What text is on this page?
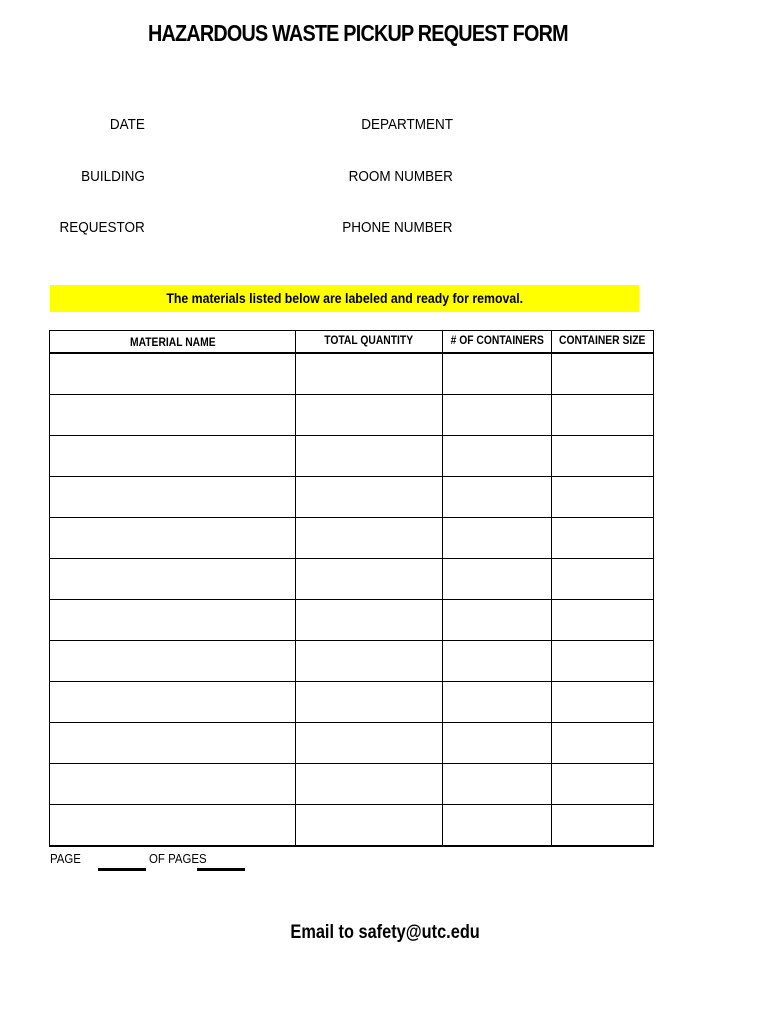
HAZARDOUS WASTE PICKUP REQUEST FORM
DATE	DEPARTMENT
BUILDING	ROOM NUMBER
REQUESTOR	PHONE NUMBER
The materials listed below are labeled and ready for removal.
MATERIAL NAME	TOTAL QUANTITY	# OF CONTAINERS	CONTAINER SIZE

PAGE	OF PAGES
Email to safety@utc.edu
